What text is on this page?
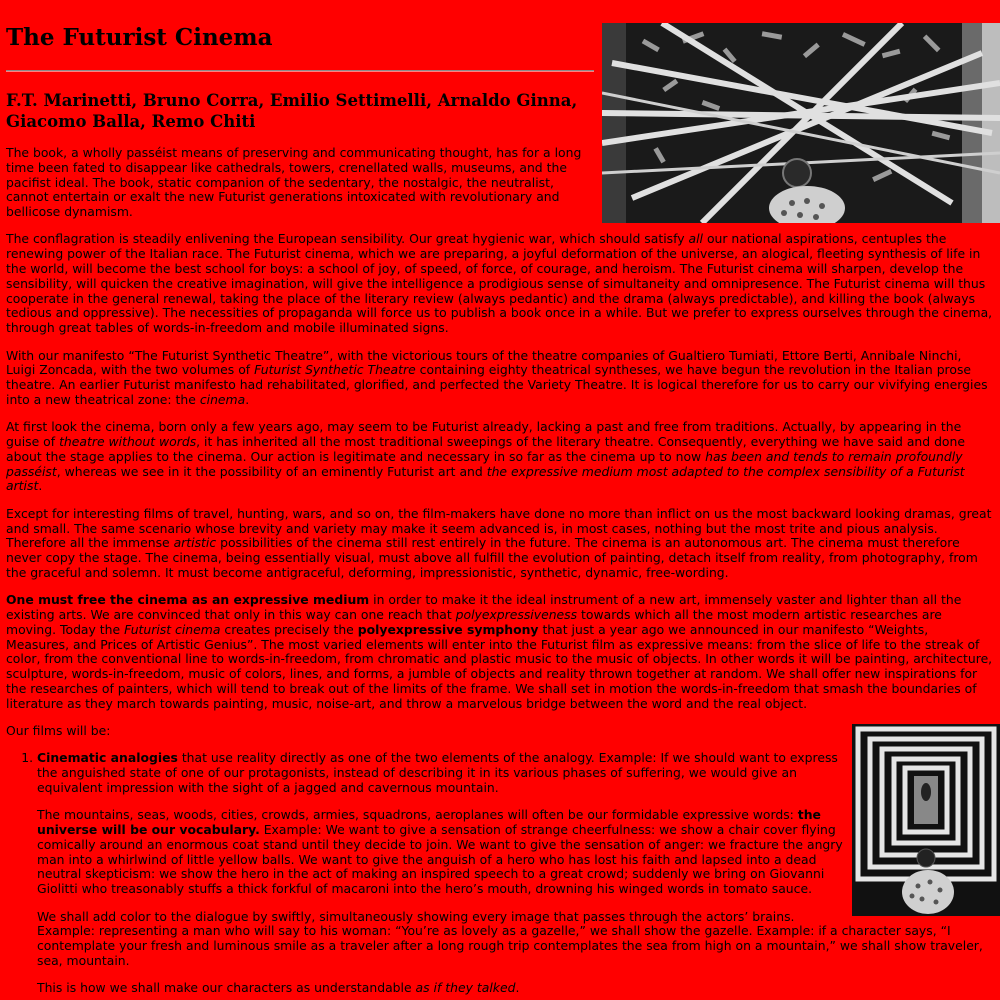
The Futurist Cinema
F.T. Marinetti, Bruno Corra, Emilio Settimelli, Arnaldo Ginna, Giacomo Balla, Remo Chiti

The book, a wholly passéist means of preserving and communicating thought, has for a long time been fated to disappear like cathedrals, towers, crenellated walls, museums, and the pacifist ideal. The book, static companion of the sedentary, the nostalgic, the neutralist, cannot entertain or exalt the new Futurist generations intoxicated with revolutionary and bellicose dynamism.

The conflagration is steadily enlivening the European sensibility. Our great hygienic war, which should satisfy all our national aspirations, centuples the renewing power of the Italian race. The Futurist cinema, which we are preparing, a joyful deformation of the universe, an alogical, fleeting synthesis of life in the world, will become the best school for boys: a school of joy, of speed, of force, of courage, and heroism. The Futurist cinema will sharpen, develop the sensibility, will quicken the creative imagination, will give the intelligence a prodigious sense of simultaneity and omnipresence. The Futurist cinema will thus cooperate in the general renewal, taking the place of the literary review (always pedantic) and the drama (always predictable), and killing the book (always tedious and oppressive). The necessities of propaganda will force us to publish a book once in a while. But we prefer to express ourselves through the cinema, through great tables of words-in-freedom and mobile illuminated signs.

With our manifesto “The Futurist Synthetic Theatre”, with the victorious tours of the theatre companies of Gualtiero Tumiati, Ettore Berti, Annibale Ninchi, Luigi Zoncada, with the two volumes of Futurist Synthetic Theatre containing eighty theatrical syntheses, we have begun the revolution in the Italian prose theatre. An earlier Futurist manifesto had rehabilitated, glorified, and perfected the Variety Theatre. It is logical therefore for us to carry our vivifying energies into a new theatrical zone: the cinema.

At first look the cinema, born only a few years ago, may seem to be Futurist already, lacking a past and free from traditions. Actually, by appearing in the guise of theatre without words, it has inherited all the most traditional sweepings of the literary theatre. Consequently, everything we have said and done about the stage applies to the cinema. Our action is legitimate and necessary in so far as the cinema up to now has been and tends to remain profoundly passéist, whereas we see in it the possibility of an eminently Futurist art and the expressive medium most adapted to the complex sensibility of a Futurist artist.

Except for interesting films of travel, hunting, wars, and so on, the film-makers have done no more than inflict on us the most backward looking dramas, great and small. The same scenario whose brevity and variety may make it seem advanced is, in most cases, nothing but the most trite and pious analysis. Therefore all the immense artistic possibilities of the cinema still rest entirely in the future. The cinema is an autonomous art. The cinema must therefore never copy the stage. The cinema, being essentially visual, must above all fulfill the evolution of painting, detach itself from reality, from photography, from the graceful and solemn. It must become antigraceful, deforming, impressionistic, synthetic, dynamic, free-wording.

One must free the cinema as an expressive medium in order to make it the ideal instrument of a new art, immensely vaster and lighter than all the existing arts. We are convinced that only in this way can one reach that polyexpressiveness towards which all the most modern artistic researches are moving. Today the Futurist cinema creates precisely the polyexpressive symphony that just a year ago we announced in our manifesto “Weights, Measures, and Prices of Artistic Genius”. The most varied elements will enter into the Futurist film as expressive means: from the slice of life to the streak of color, from the conventional line to words-in-freedom, from chromatic and plastic music to the music of objects. In other words it will be painting, architecture, sculpture, words-in-freedom, music of colors, lines, and forms, a jumble of objects and reality thrown together at random. We shall offer new inspirations for the researches of painters, which will tend to break out of the limits of the frame. We shall set in motion the words-in-freedom that smash the boundaries of literature as they march towards painting, music, noise-art, and throw a marvelous bridge between the word and the real object.

Our films will be:

1. Cinematic analogies that use reality directly as one of the two elements of the analogy. Example: If we should want to express the anguished state of one of our protagonists, instead of describing it in its various phases of suffering, we would give an equivalent impression with the sight of a jagged and cavernous mountain.

The mountains, seas, woods, cities, crowds, armies, squadrons, aeroplanes will often be our formidable expressive words: the universe will be our vocabulary. Example: We want to give a sensation of strange cheerfulness: we show a chair cover flying comically around an enormous coat stand until they decide to join. We want to give the sensation of anger: we fracture the angry man into a whirlwind of little yellow balls. We want to give the anguish of a hero who has lost his faith and lapsed into a dead neutral skepticism: we show the hero in the act of making an inspired speech to a great crowd; suddenly we bring on Giovanni Giolitti who treasonably stuffs a thick forkful of macaroni into the hero’s mouth, drowning his winged words in tomato sauce.

We shall add color to the dialogue by swiftly, simultaneously showing every image that passes through the actors’ brains. Example: representing a man who will say to his woman: “You’re as lovely as a gazelle,” we shall show the gazelle. Example: if a character says, “I contemplate your fresh and luminous smile as a traveler after a long rough trip contemplates the sea from high on a mountain,” we shall show traveler, sea, mountain.

This is how we shall make our characters as understandable as if they talked.
